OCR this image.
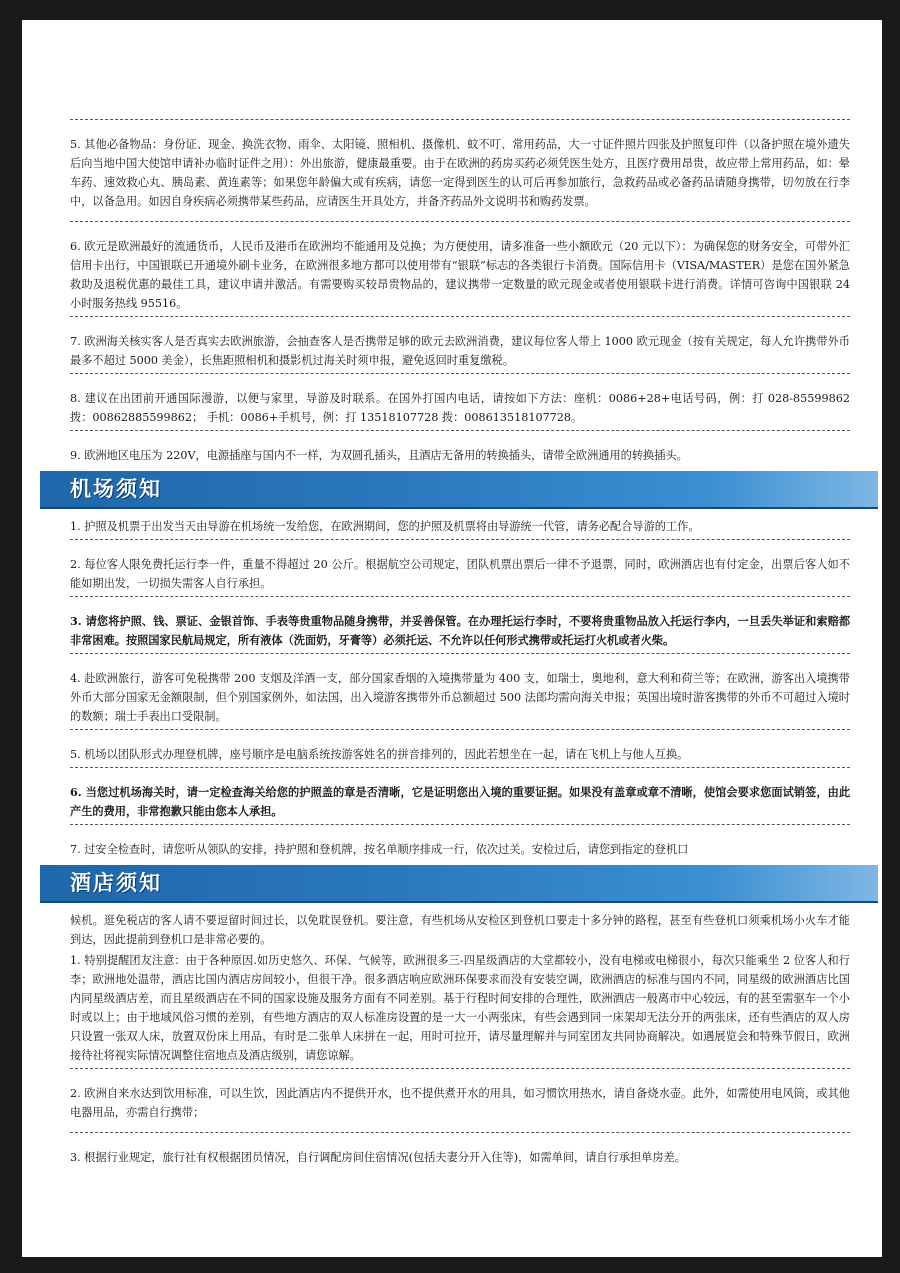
5. 其他必备物品：身份证、现金、换洗衣物、雨伞、太阳镜、照相机、摄像机、蚊不叮、常用药品，大一寸证件照片四张及护照复印件（以备护照在境外遗失后向当地中国大使馆申请补办临时证件之用）：外出旅游，健康最重要。由于在欧洲的药房买药必须凭医生处方，且医疗费用昂贵，故应带上常用药品，如：晕车药、速效救心丸、胰岛素、黄连素等；如果您年龄偏大或有疾病，请您一定得到医生的认可后再参加旅行，急救药品或必备药品请随身携带，切勿放在行李中，以备急用。如因自身疾病必须携带某些药品，应请医生开具处方，并备齐药品外文说明书和购药发票。

6. 欧元是欧洲最好的流通货币，人民币及港币在欧洲均不能通用及兑换；为方便使用，请多准备一些小额欧元（20 元以下）：为确保您的财务安全，可带外汇信用卡出行，中国银联已开通境外刷卡业务，在欧洲很多地方都可以使用带有“银联”标志的各类银行卡消费。国际信用卡（VISA/MASTER）是您在国外紧急救助及退税优惠的最佳工具，建议申请并激活。有需要购买较昂贵物品的，建议携带一定数量的欧元现金或者使用银联卡进行消费。详情可咨询中国银联 24 小时服务热线 95516。

7. 欧洲海关核实客人是否真实去欧洲旅游，会抽查客人是否携带足够的欧元去欧洲消费，建议每位客人带上 1000 欧元现金（按有关规定，每人允许携带外币最多不超过 5000 美金），长焦距照相机和摄影机过海关时须申报，避免返回时重复缴税。

8. 建议在出团前开通国际漫游，以便与家里，导游及时联系。在国外打国内电话，请按如下方法：座机：0086+28+电话号码，例：打 028-85599862 拨：00862885599862； 手机：0086+手机号，例：打 13518107728 拨：008613518107728。

9. 欧洲地区电压为 220V，电源插座与国内不一样，为双圆孔插头，且酒店无备用的转换插头，请带全欧洲通用的转换插头。

机场须知

1. 护照及机票于出发当天由导游在机场统一发给您，在欧洲期间，您的护照及机票将由导游统一代管，请务必配合导游的工作。

2. 每位客人限免费托运行李一件，重量不得超过 20 公斤。根据航空公司规定，团队机票出票后一律不予退票，同时，欧洲酒店也有付定金，出票后客人如不能如期出发，一切损失需客人自行承担。

3. 请您将护照、钱、票证、金银首饰、手表等贵重物品随身携带，并妥善保管。在办理托运行李时，不要将贵重物品放入托运行李内，一旦丢失举证和索赔都非常困难。按照国家民航局规定，所有液体（洗面奶，牙膏等）必须托运、不允许以任何形式携带或托运打火机或者火柴。

4. 赴欧洲旅行，游客可免税携带 200 支烟及洋酒一支，部分国家香烟的入境携带量为 400 支，如瑞士，奥地利，意大利和荷兰等；在欧洲，游客出入境携带外币大部分国家无金额限制，但个别国家例外，如法国，出入境游客携带外币总额超过 500 法郎均需向海关申报；英国出境时游客携带的外币不可超过入境时的数额；瑞士手表出口受限制。

5. 机场以团队形式办理登机牌，座号顺序是电脑系统按游客姓名的拼音排列的，因此若想坐在一起，请在飞机上与他人互换。

6. 当您过机场海关时，请一定检查海关给您的护照盖的章是否清晰，它是证明您出入境的重要证据。如果没有盖章或章不清晰，使馆会要求您面试销签，由此产生的费用，非常抱歉只能由您本人承担。

7. 过安全检查时，请您听从领队的安排，持护照和登机牌，按名单顺序排成一行，依次过关。安检过后，请您到指定的登机口

酒店须知

候机。逛免税店的客人请不要逗留时间过长，以免耽误登机。要注意，有些机场从安检区到登机口要走十多分钟的路程，甚至有些登机口须乘机场小火车才能到达，因此提前到登机口是非常必要的。

1. 特别提醒团友注意：由于各种原因.如历史悠久、环保、气候等，欧洲很多三-四星级酒店的大堂都较小，没有电梯或电梯很小，每次只能乘坐 2 位客人和行李；欧洲地处温带，酒店比国内酒店房间较小，但很干净。很多酒店响应欧洲环保要求而没有安装空调，欧洲酒店的标准与国内不同，同星级的欧洲酒店比国内同星级酒店差，而且星级酒店在不同的国家设施及服务方面有不同差别。基于行程时间安排的合理性，欧洲酒店一般离市中心较远，有的甚至需驱车一个小时或以上；由于地域风俗习惯的差别，有些地方酒店的双人标准房设置的是一大一小两张床，有些会遇到同一床架却无法分开的两张床，还有些酒店的双人房只设置一张双人床，放置双份床上用品，有时是二张单人床拼在一起，用时可拉开，请尽量理解并与同室团友共同协商解决。如遇展览会和特殊节假日，欧洲接待社将视实际情况调整住宿地点及酒店级别，请您谅解。

2. 欧洲自来水达到饮用标准，可以生饮，因此酒店内不提供开水，也不提供煮开水的用具，如习惯饮用热水，请自备烧水壶。此外，如需使用电风筒，或其他电器用品，亦需自行携带；

3. 根据行业规定，旅行社有权根据团员情况，自行调配房间住宿情况(包括夫妻分开入住等)，如需单间，请自行承担单房差。
